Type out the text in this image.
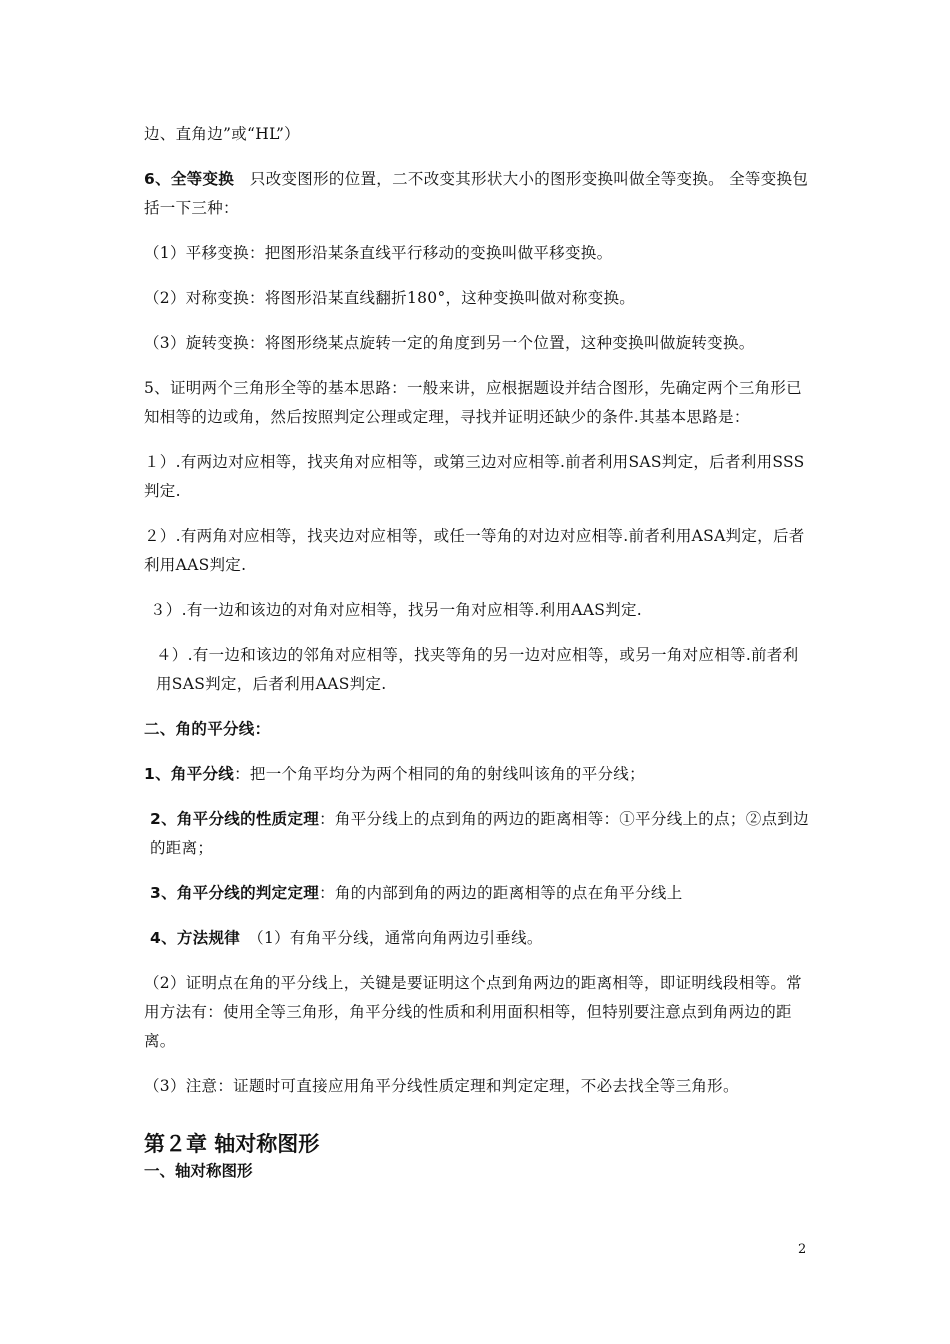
边、直角边”或“HL”）

6、全等变换　只改变图形的位置，二不改变其形状大小的图形变换叫做全等变换。 全等变换包括一下三种：

（1）平移变换：把图形沿某条直线平行移动的变换叫做平移变换。

（2）对称变换：将图形沿某直线翻折180°，这种变换叫做对称变换。

（3）旋转变换：将图形绕某点旋转一定的角度到另一个位置，这种变换叫做旋转变换。

5、证明两个三角形全等的基本思路：一般来讲，应根据题设并结合图形，先确定两个三角形已知相等的边或角，然后按照判定公理或定理，寻找并证明还缺少的条件.其基本思路是：

１）.有两边对应相等，找夹角对应相等，或第三边对应相等.前者利用SAS判定，后者利用SSS判定.

２）.有两角对应相等，找夹边对应相等，或任一等角的对边对应相等.前者利用ASA判定，后者利用AAS判定.

３）.有一边和该边的对角对应相等，找另一角对应相等.利用AAS判定.

４）.有一边和该边的邻角对应相等，找夹等角的另一边对应相等，或另一角对应相等.前者利用SAS判定，后者利用AAS判定.

二、角的平分线：

1、角平分线：把一个角平均分为两个相同的角的射线叫该角的平分线；

2、角平分线的性质定理：角平分线上的点到角的两边的距离相等：①平分线上的点；②点到边的距离；

3、角平分线的判定定理：角的内部到角的两边的距离相等的点在角平分线上

4、方法规律　（1）有角平分线，通常向角两边引垂线。

（2）证明点在角的平分线上，关键是要证明这个点到角两边的距离相等，即证明线段相等。常用方法有：使用全等三角形，角平分线的性质和利用面积相等，但特别要注意点到角两边的距离。

（3）注意：证题时可直接应用角平分线性质定理和判定定理，不必去找全等三角形。

第２章 轴对称图形
一、轴对称图形
2
